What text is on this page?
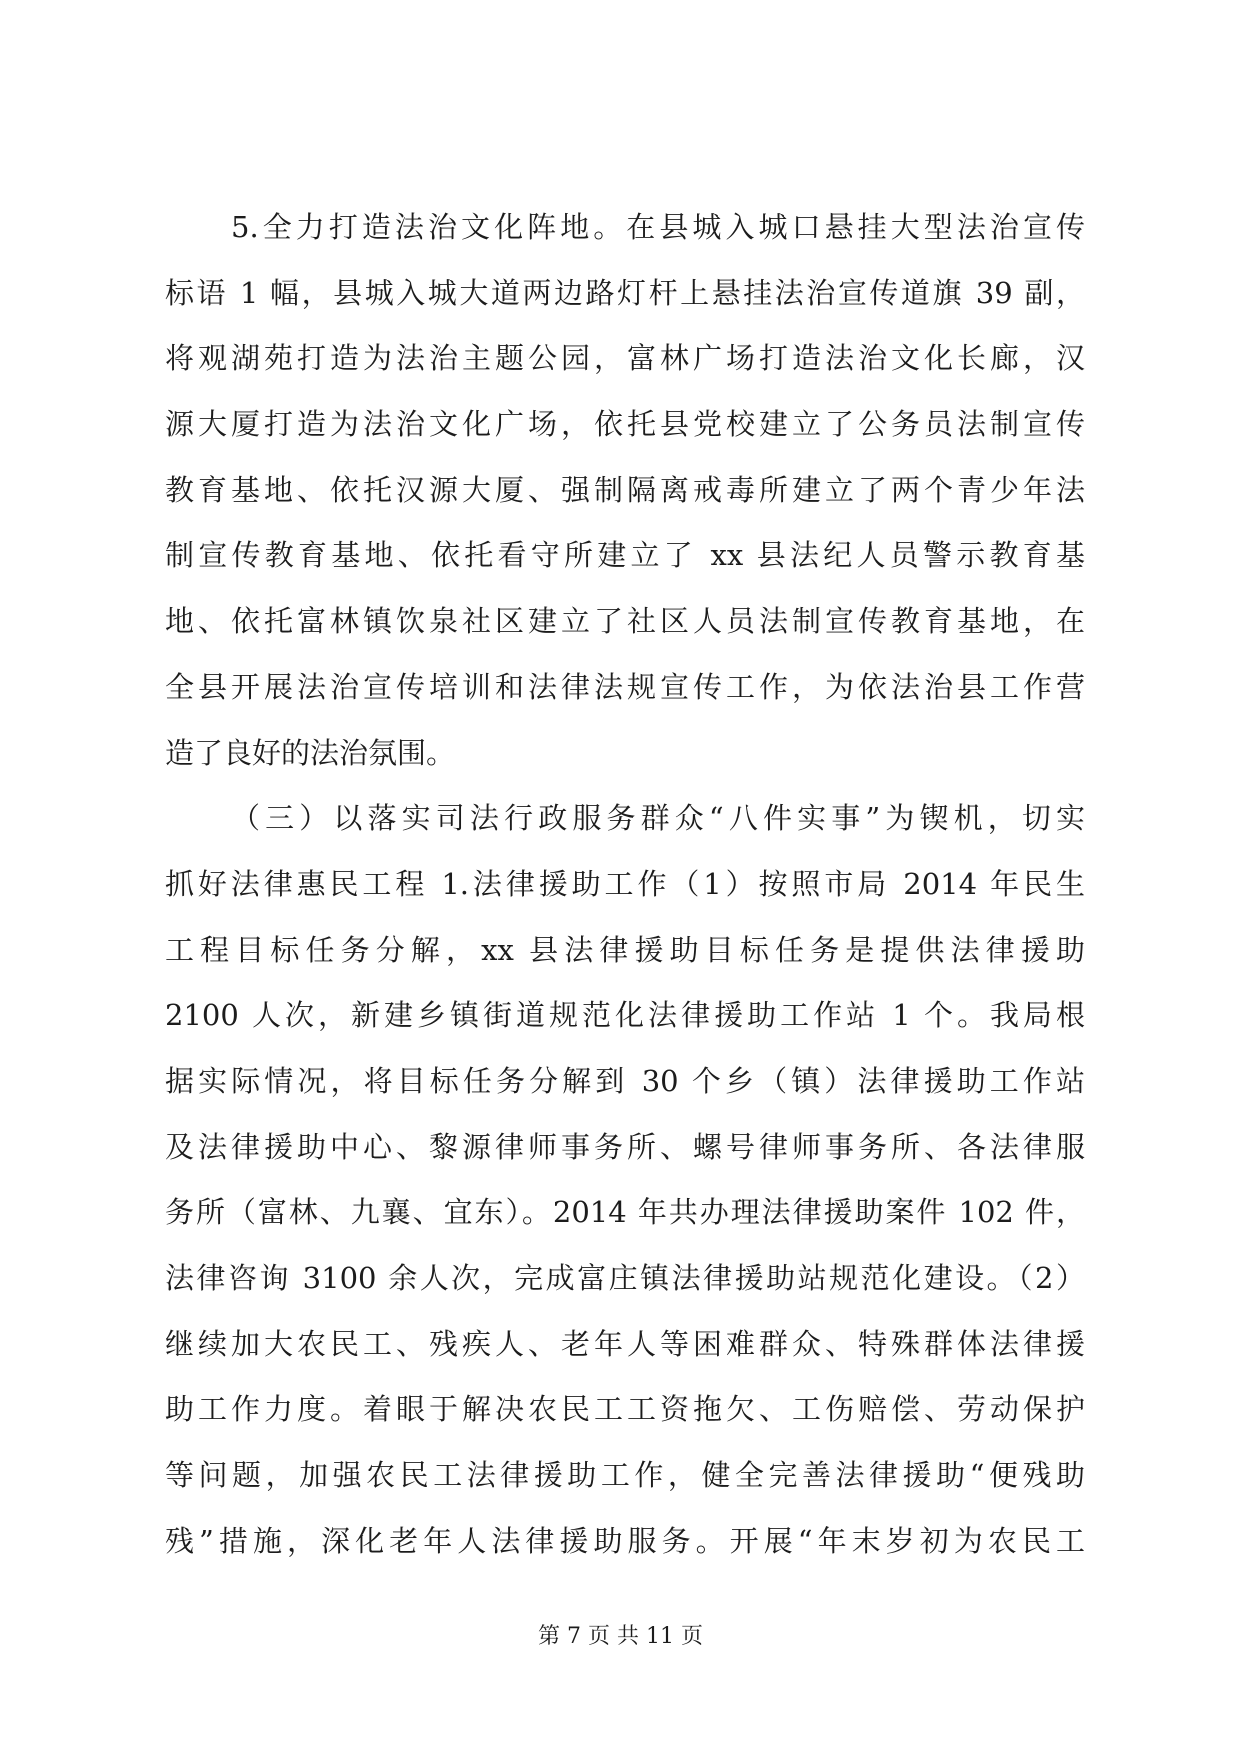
5.全力打造法治文化阵地。在县城入城口悬挂大型法治宣传
标语 1 幅，县城入城大道两边路灯杆上悬挂法治宣传道旗 39 副，
将观湖苑打造为法治主题公园，富林广场打造法治文化长廊，汉
源大厦打造为法治文化广场，依托县党校建立了公务员法制宣传
教育基地、依托汉源大厦、强制隔离戒毒所建立了两个青少年法
制宣传教育基地、依托看守所建立了 xx 县法纪人员警示教育基
地、依托富林镇饮泉社区建立了社区人员法制宣传教育基地，在
全县开展法治宣传培训和法律法规宣传工作，为依法治县工作营
造了良好的法治氛围。
（三）以落实司法行政服务群众“八件实事”为锲机，切实
抓好法律惠民工程 1.法律援助工作（1）按照市局 2014 年民生
工程目标任务分解，xx 县法律援助目标任务是提供法律援助
2100 人次，新建乡镇街道规范化法律援助工作站 1 个。我局根
据实际情况，将目标任务分解到 30 个乡（镇）法律援助工作站
及法律援助中心、黎源律师事务所、螺号律师事务所、各法律服
务所（富林、九襄、宜东）。2014 年共办理法律援助案件 102 件，
法律咨询 3100 余人次，完成富庄镇法律援助站规范化建设。（2）
继续加大农民工、残疾人、老年人等困难群众、特殊群体法律援
助工作力度。着眼于解决农民工工资拖欠、工伤赔偿、劳动保护
等问题，加强农民工法律援助工作，健全完善法律援助“便残助
残”措施，深化老年人法律援助服务。开展“年末岁初为农民工
第 7 页 共 11 页
